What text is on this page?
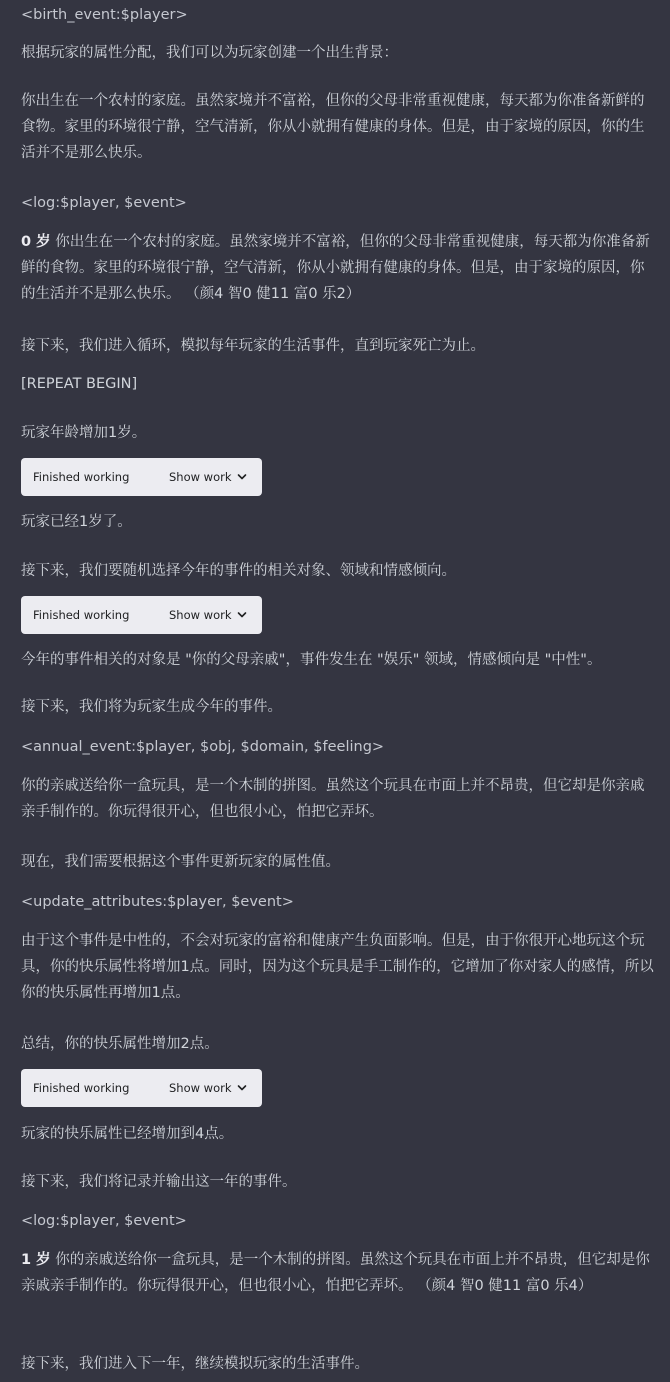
<birth_event:$player>

根据玩家的属性分配，我们可以为玩家创建一个出生背景：

你出生在一个农村的家庭。虽然家境并不富裕，但你的父母非常重视健康，每天都为你准备新鲜的食物。家里的环境很宁静，空气清新，你从小就拥有健康的身体。但是，由于家境的原因，你的生活并不是那么快乐。

<log:$player, $event>

0 岁 你出生在一个农村的家庭。虽然家境并不富裕，但你的父母非常重视健康，每天都为你准备新鲜的食物。家里的环境很宁静，空气清新，你从小就拥有健康的身体。但是，由于家境的原因，你的生活并不是那么快乐。 （颜4 智0 健11 富0 乐2）

接下来，我们进入循环，模拟每年玩家的生活事件，直到玩家死亡为止。

[REPEAT BEGIN]

玩家年龄增加1岁。

Finished working	Show work

玩家已经1岁了。

接下来，我们要随机选择今年的事件的相关对象、领域和情感倾向。

Finished working	Show work

今年的事件相关的对象是 "你的父母亲戚"，事件发生在 "娱乐" 领域，情感倾向是 "中性"。

接下来，我们将为玩家生成今年的事件。

<annual_event:$player, $obj, $domain, $feeling>

你的亲戚送给你一盒玩具，是一个木制的拼图。虽然这个玩具在市面上并不昂贵，但它却是你亲戚亲手制作的。你玩得很开心，但也很小心，怕把它弄坏。

现在，我们需要根据这个事件更新玩家的属性值。

<update_attributes:$player, $event>

由于这个事件是中性的，不会对玩家的富裕和健康产生负面影响。但是，由于你很开心地玩这个玩具，你的快乐属性将增加1点。同时，因为这个玩具是手工制作的，它增加了你对家人的感情，所以你的快乐属性再增加1点。

总结，你的快乐属性增加2点。

Finished working	Show work

玩家的快乐属性已经增加到4点。

接下来，我们将记录并输出这一年的事件。

<log:$player, $event>

1 岁 你的亲戚送给你一盒玩具，是一个木制的拼图。虽然这个玩具在市面上并不昂贵，但它却是你亲戚亲手制作的。你玩得很开心，但也很小心，怕把它弄坏。 （颜4 智0 健11 富0 乐4）

接下来，我们进入下一年，继续模拟玩家的生活事件。
